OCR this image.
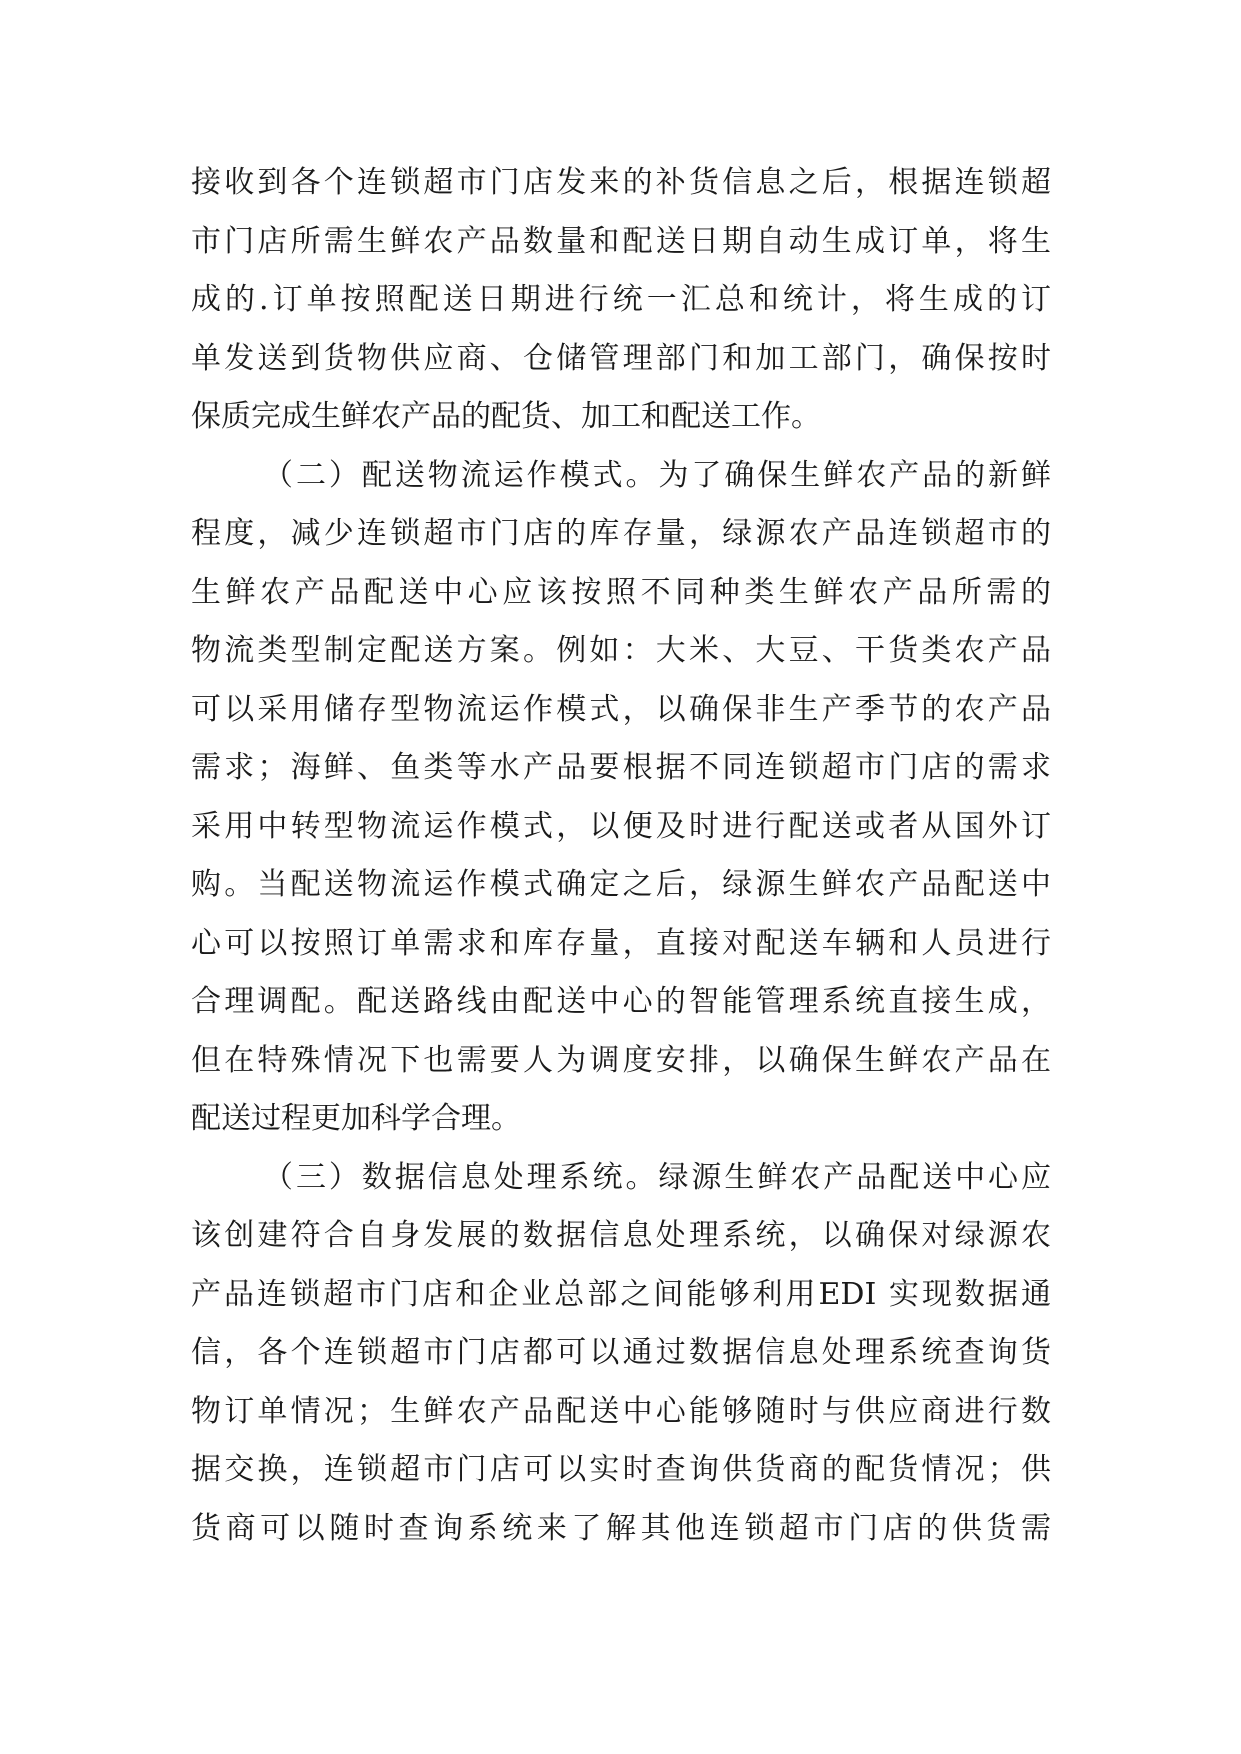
接收到各个连锁超市门店发来的补货信息之后，根据连锁超
市门店所需生鲜农产品数量和配送日期自动生成订单，将生
成的.订单按照配送日期进行统一汇总和统计，将生成的订
单发送到货物供应商、仓储管理部门和加工部门，确保按时
保质完成生鲜农产品的配货、加工和配送工作。
（二）配送物流运作模式。为了确保生鲜农产品的新鲜
程度，减少连锁超市门店的库存量，绿源农产品连锁超市的
生鲜农产品配送中心应该按照不同种类生鲜农产品所需的
物流类型制定配送方案。例如：大米、大豆、干货类农产品
可以采用储存型物流运作模式，以确保非生产季节的农产品
需求；海鲜、鱼类等水产品要根据不同连锁超市门店的需求
采用中转型物流运作模式，以便及时进行配送或者从国外订
购。当配送物流运作模式确定之后，绿源生鲜农产品配送中
心可以按照订单需求和库存量，直接对配送车辆和人员进行
合理调配。配送路线由配送中心的智能管理系统直接生成，
但在特殊情况下也需要人为调度安排，以确保生鲜农产品在
配送过程更加科学合理。
（三）数据信息处理系统。绿源生鲜农产品配送中心应
该创建符合自身发展的数据信息处理系统，以确保对绿源农
产品连锁超市门店和企业总部之间能够利用EDI 实现数据通
信，各个连锁超市门店都可以通过数据信息处理系统查询货
物订单情况；生鲜农产品配送中心能够随时与供应商进行数
据交换，连锁超市门店可以实时查询供货商的配货情况；供
货商可以随时查询系统来了解其他连锁超市门店的供货需
